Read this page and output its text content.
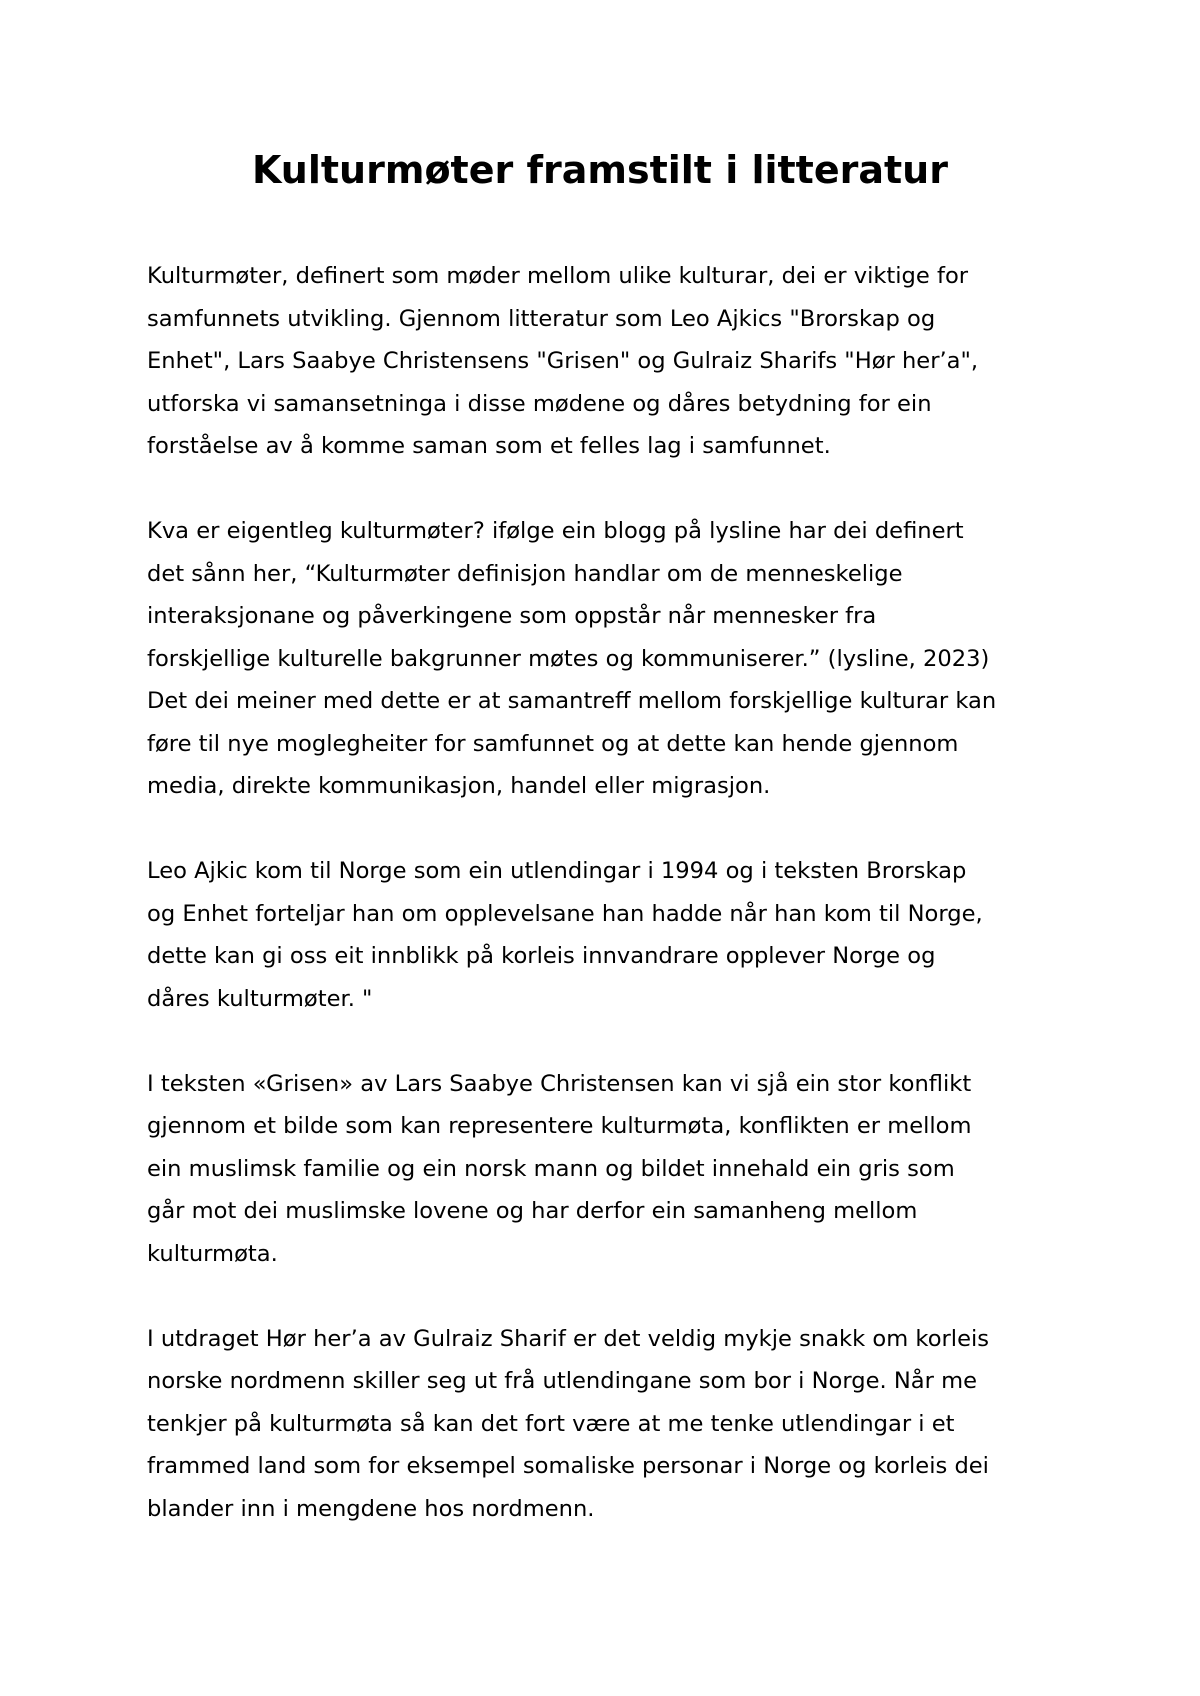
Kulturmøter framstilt i litteratur

Kulturmøter, definert som møder mellom ulike kulturar, dei er viktige for
samfunnets utvikling. Gjennom litteratur som Leo Ajkics "Brorskap og
Enhet", Lars Saabye Christensens "Grisen" og Gulraiz Sharifs "Hør her’a",
utforska vi samansetninga i disse mødene og dåres betydning for ein
forståelse av å komme saman som et felles lag i samfunnet.

Kva er eigentleg kulturmøter? ifølge ein blogg på lysline har dei definert
det sånn her, “Kulturmøter definisjon handlar om de menneskelige
interaksjonane og påverkingene som oppstår når mennesker fra
forskjellige kulturelle bakgrunner møtes og kommuniserer.” (lysline, 2023)
Det dei meiner med dette er at samantreff mellom forskjellige kulturar kan
føre til nye moglegheiter for samfunnet og at dette kan hende gjennom
media, direkte kommunikasjon, handel eller migrasjon.

Leo Ajkic kom til Norge som ein utlendingar i 1994 og i teksten Brorskap
og Enhet forteljar han om opplevelsane han hadde når han kom til Norge,
dette kan gi oss eit innblikk på korleis innvandrare opplever Norge og
dåres kulturmøter. "

I teksten «Grisen» av Lars Saabye Christensen kan vi sjå ein stor konflikt
gjennom et bilde som kan representere kulturmøta, konflikten er mellom
ein muslimsk familie og ein norsk mann og bildet innehald ein gris som
går mot dei muslimske lovene og har derfor ein samanheng mellom
kulturmøta.

I utdraget Hør her’a av Gulraiz Sharif er det veldig mykje snakk om korleis
norske nordmenn skiller seg ut frå utlendingane som bor i Norge. Når me
tenkjer på kulturmøta så kan det fort være at me tenke utlendingar i et
frammed land som for eksempel somaliske personar i Norge og korleis dei
blander inn i mengdene hos nordmenn.
